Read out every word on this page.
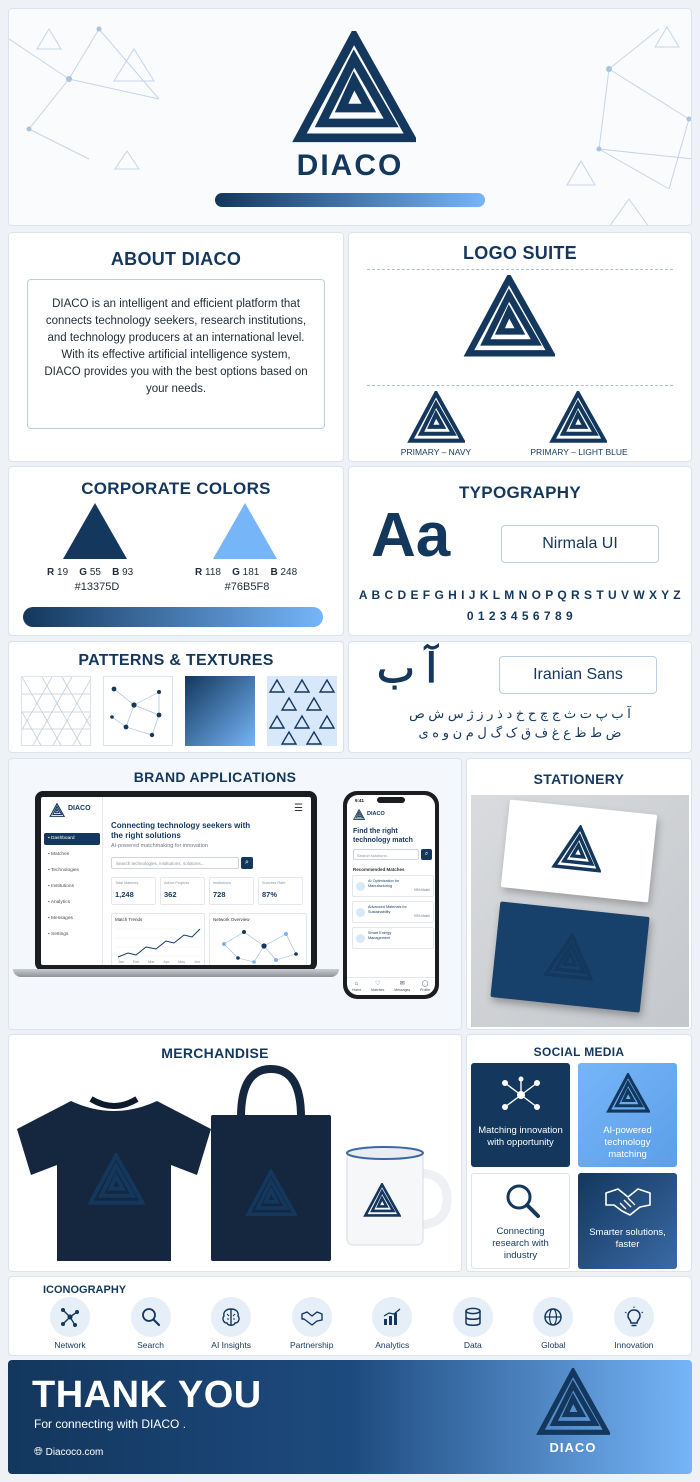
DIACO
ABOUT DIACO
DIACO is an intelligent and efficient platform that connects technology seekers, research institutions, and technology producers at an international level. With its effective artificial intelligence system, DIACO provides you with the best options based on your needs.
LOGO SUITE
PRIMARY – NAVY	PRIMARY – LIGHT BLUE
CORPORATE COLORS
R 19 G 55 B 93
#13375D
R 118 G 181 B 248
#76B5F8
TYPOGRAPHY
Aa	Nirmala UI
A B C D E F G H I J K L M N O P Q R S T U V W X Y Z
0 1 2 3 4 5 6 7 8 9
PATTERNS & TEXTURES	آ ب	Iranian Sans
آ ب پ ت ث ج چ ح خ د ذ ر ز ژ س ش ص
ض ط ظ ع غ ف ق ک گ ل م ن و ه ی
BRAND APPLICATIONS
DIACO
▪ Dashboard
▪ Matches
▪ Technologies
▪ Institutions
▪ Analytics
▪ Messages
▪ Settings
☰
Connecting technology seekers with the right solutions
AI-powered matchmaking for innovation
Search technologies, institutions, solutions...	⌕
Total Matches
1,248
Active Projects
362
Institutions
728
Success Rate
87%
Match Trends
Jan Feb Mar Apr May Jun
Network Overview
9:41
DIACO
Find the right technology match
Search solutions...	⌕
Recommended Matches
AI Optimization for Manufacturing
95% Match
Advanced Materials for Sustainability
90% Match
Smart Energy Management
⌂
Home
♡
Matches
✉
Messages
◯
Profile
STATIONERY
MERCHANDISE	SOCIAL MEDIA
Matching innovation with opportunity
AI-powered technology matching
Connecting research with industry
Smarter solutions, faster
ICONOGRAPHY
Network	Search	AI Insights	Partnership	Analytics	Data	Global	Innovation
THANK YOU
For connecting with DIACO .
🌐︎ Diacoco.com	DIACO
